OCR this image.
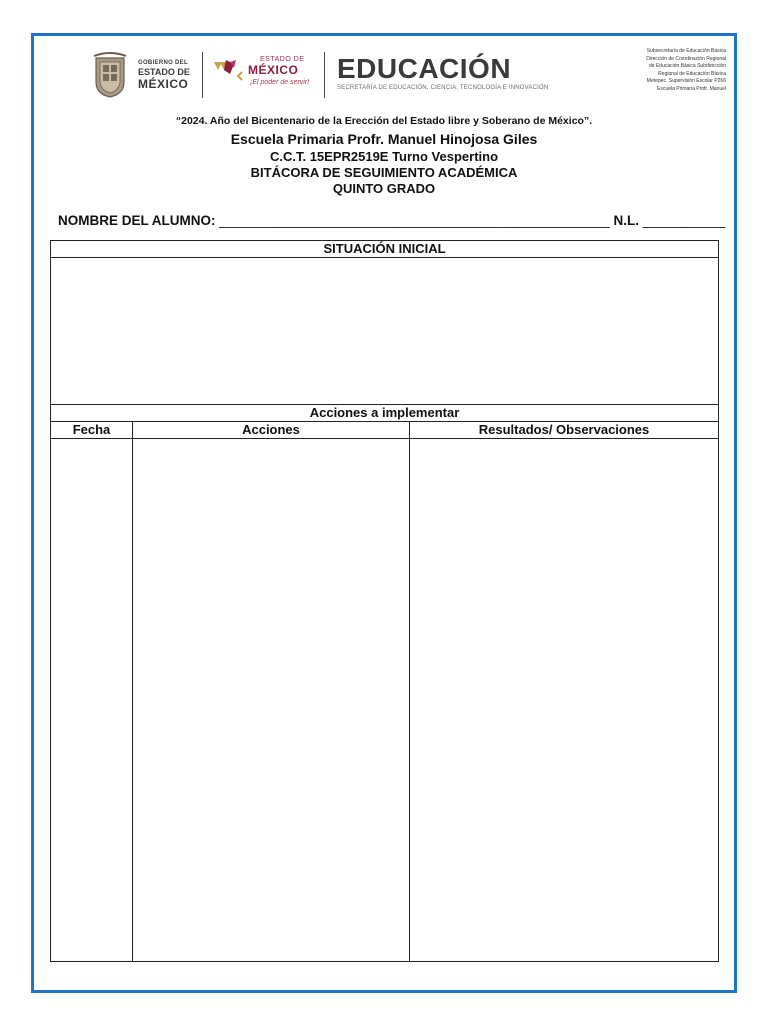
GOBIERNO DEL
ESTADO DE
MÉXICO
ESTADO DE
MÉXICO
¡El poder de servir! EDUCACIÓN
SECRETARÍA DE EDUCACIÓN, CIENCIA, TECNOLOGÍA E INNOVACIÓN
Subsecretaría de Educación Básica
Dirección de Coordinación Regional
de Educación Básica Subdirección
Regional de Educación Básica
Metepec. Supervisión Escolar P266
Escuela Primaria Profr. Manuel
“2024. Año del Bicentenario de la Erección del Estado libre y Soberano de México”.
Escuela Primaria Profr. Manuel Hinojosa Giles
C.C.T. 15EPR2519E Turno Vespertino
BITÁCORA DE SEGUIMIENTO ACADÉMICA
QUINTO GRADO
NOMBRE DEL ALUMNO: ____________________________________________________ N.L. ___________
SITUACIÓN INICIAL		

Acciones a implementar		
Fecha	Acciones	Resultados/ Observaciones
